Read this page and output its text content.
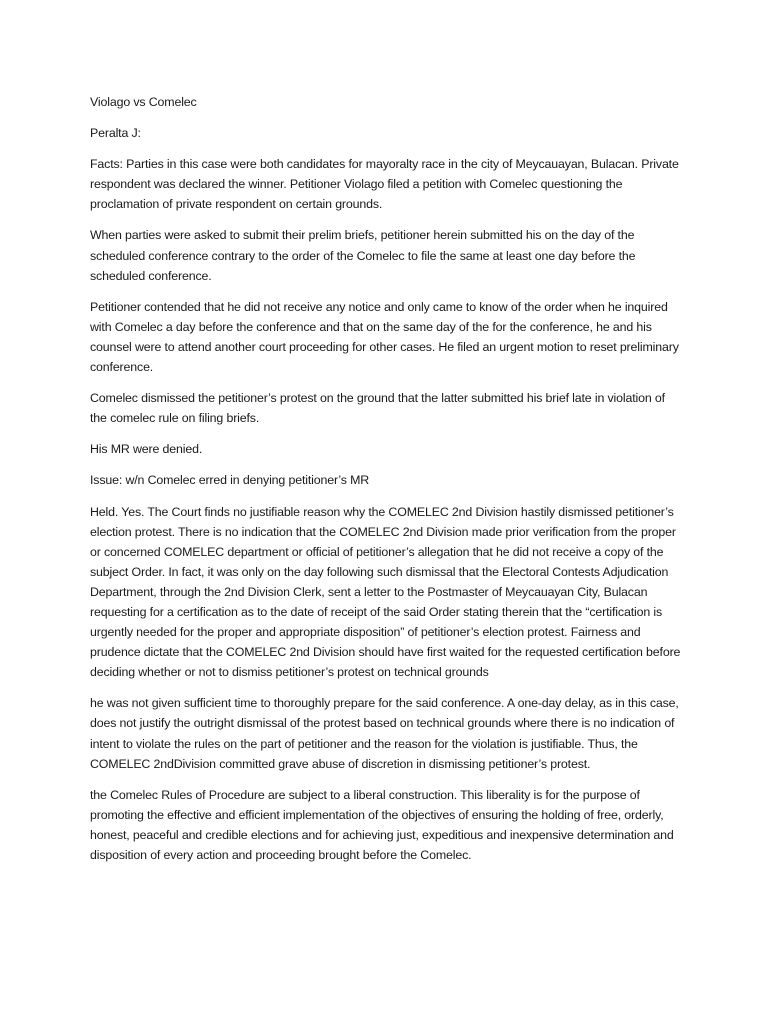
Violago vs Comelec

Peralta J:

Facts: Parties in this case were both candidates for mayoralty race in the city of Meycauayan, Bulacan. Private respondent was declared the winner. Petitioner Violago filed a petition with Comelec questioning the proclamation of private respondent on certain grounds.

When parties were asked to submit their prelim briefs, petitioner herein submitted his on the day of the scheduled conference contrary to the order of the Comelec to file the same at least one day before the scheduled conference.

Petitioner contended that he did not receive any notice and only came to know of the order when he inquired with Comelec a day before the conference and that on the same day of the for the conference, he and his counsel were to attend another court proceeding for other cases. He filed an urgent motion to reset preliminary conference.

Comelec dismissed the petitioner’s protest on the ground that the latter submitted his brief late in violation of the comelec rule on filing briefs.

His MR were denied.

Issue: w/n Comelec erred in denying petitioner’s MR

Held. Yes. The Court finds no justifiable reason why the COMELEC 2nd Division hastily dismissed petitioner’s election protest. There is no indication that the COMELEC 2nd Division made prior verification from the proper or concerned COMELEC department or official of petitioner’s allegation that he did not receive a copy of the subject Order. In fact, it was only on the day following such dismissal that the Electoral Contests Adjudication Department, through the 2nd Division Clerk, sent a letter to the Postmaster of Meycauayan City, Bulacan requesting for a certification as to the date of receipt of the said Order stating therein that the “certification is urgently needed for the proper and appropriate disposition” of petitioner’s election protest. Fairness and prudence dictate that the COMELEC 2nd Division should have first waited for the requested certification before deciding whether or not to dismiss petitioner’s protest on technical grounds

he was not given sufficient time to thoroughly prepare for the said conference. A one-day delay, as in this case, does not justify the outright dismissal of the protest based on technical grounds where there is no indication of intent to violate the rules on the part of petitioner and the reason for the violation is justifiable. Thus, the COMELEC 2ndDivision committed grave abuse of discretion in dismissing petitioner’s protest.

the Comelec Rules of Procedure are subject to a liberal construction. This liberality is for the purpose of promoting the effective and efficient implementation of the objectives of ensuring the holding of free, orderly, honest, peaceful and credible elections and for achieving just, expeditious and inexpensive determination and disposition of every action and proceeding brought before the Comelec.
